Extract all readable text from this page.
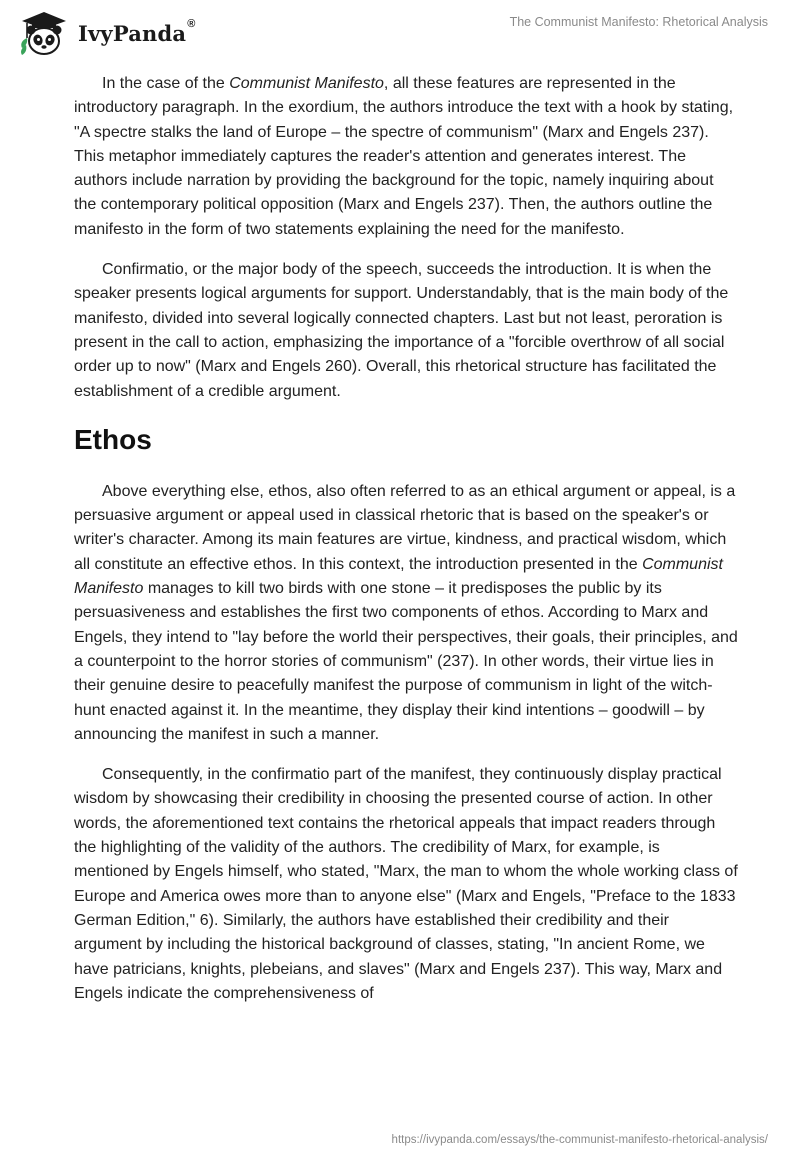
IvyPanda®	The Communist Manifesto: Rhetorical Analysis

In the case of the Communist Manifesto, all these features are represented in the introductory paragraph. In the exordium, the authors introduce the text with a hook by stating, "A spectre stalks the land of Europe – the spectre of communism" (Marx and Engels 237). This metaphor immediately captures the reader's attention and generates interest. The authors include narration by providing the background for the topic, namely inquiring about the contemporary political opposition (Marx and Engels 237). Then, the authors outline the manifesto in the form of two statements explaining the need for the manifesto.

Confirmatio, or the major body of the speech, succeeds the introduction. It is when the speaker presents logical arguments for support. Understandably, that is the main body of the manifesto, divided into several logically connected chapters. Last but not least, peroration is present in the call to action, emphasizing the importance of a "forcible overthrow of all social order up to now" (Marx and Engels 260). Overall, this rhetorical structure has facilitated the establishment of a credible argument.

Ethos

Above everything else, ethos, also often referred to as an ethical argument or appeal, is a persuasive argument or appeal used in classical rhetoric that is based on the speaker's or writer's character. Among its main features are virtue, kindness, and practical wisdom, which all constitute an effective ethos. In this context, the introduction presented in the Communist Manifesto manages to kill two birds with one stone – it predisposes the public by its persuasiveness and establishes the first two components of ethos. According to Marx and Engels, they intend to "lay before the world their perspectives, their goals, their principles, and a counterpoint to the horror stories of communism" (237). In other words, their virtue lies in their genuine desire to peacefully manifest the purpose of communism in light of the witch-hunt enacted against it. In the meantime, they display their kind intentions – goodwill – by announcing the manifest in such a manner.

Consequently, in the confirmatio part of the manifest, they continuously display practical wisdom by showcasing their credibility in choosing the presented course of action. In other words, the aforementioned text contains the rhetorical appeals that impact readers through the highlighting of the validity of the authors. The credibility of Marx, for example, is mentioned by Engels himself, who stated, "Marx, the man to whom the whole working class of Europe and America owes more than to anyone else" (Marx and Engels, "Preface to the 1833 German Edition," 6). Similarly, the authors have established their credibility and their argument by including the historical background of classes, stating, "In ancient Rome, we have patricians, knights, plebeians, and slaves" (Marx and Engels 237). This way, Marx and Engels indicate the comprehensiveness of

https://ivypanda.com/essays/the-communist-manifesto-rhetorical-analysis/
